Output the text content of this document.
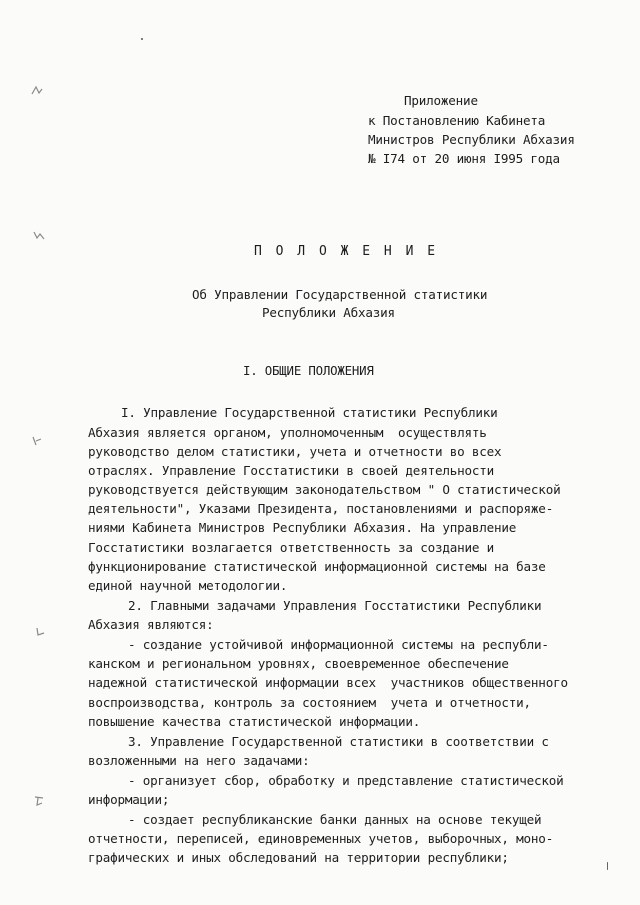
Приложение
к Постановлению Кабинета
Министров Республики Абхазия
№ I74 от 20 июня I995 года
П О Л О Ж Е Н И Е
Об Управлении Государственной статистики
Республики Абхазия
I. ОБЩИЕ ПОЛОЖЕНИЯ
I. Управление Государственной статистики Республики
Абхазия является органом, уполномоченным  осуществлять
руководство делом статистики, учета и отчетности во всех
отраслях. Управление Госстатистики в своей деятельности
руководствуется действующим законодательством " О статистической
деятельности", Указами Президента, постановлениями и распоряже-
ниями Кабинета Министров Республики Абхазия. На управление
Госстатистики возлагается ответственность за создание и
функционирование статистической информационной системы на базе
единой научной методологии.
2. Главными задачами Управления Госстатистики Республики
Абхазия являются:
- создание устойчивой информационной системы на республи-
канском и региональном уровнях, своевременное обеспечение
надежной статистической информации всех  участников общественного
воспроизводства, контроль за состоянием  учета и отчетности,
повышение качества статистической информации.
3. Управление Государственной статистики в соответствии с
возложенными на него задачами:
- организует сбор, обработку и представление статистической
информации;
- создает республиканские банки данных на основе текущей
отчетности, переписей, единовременных учетов, выборочных, моно-
графических и иных обследований на территории республики;
